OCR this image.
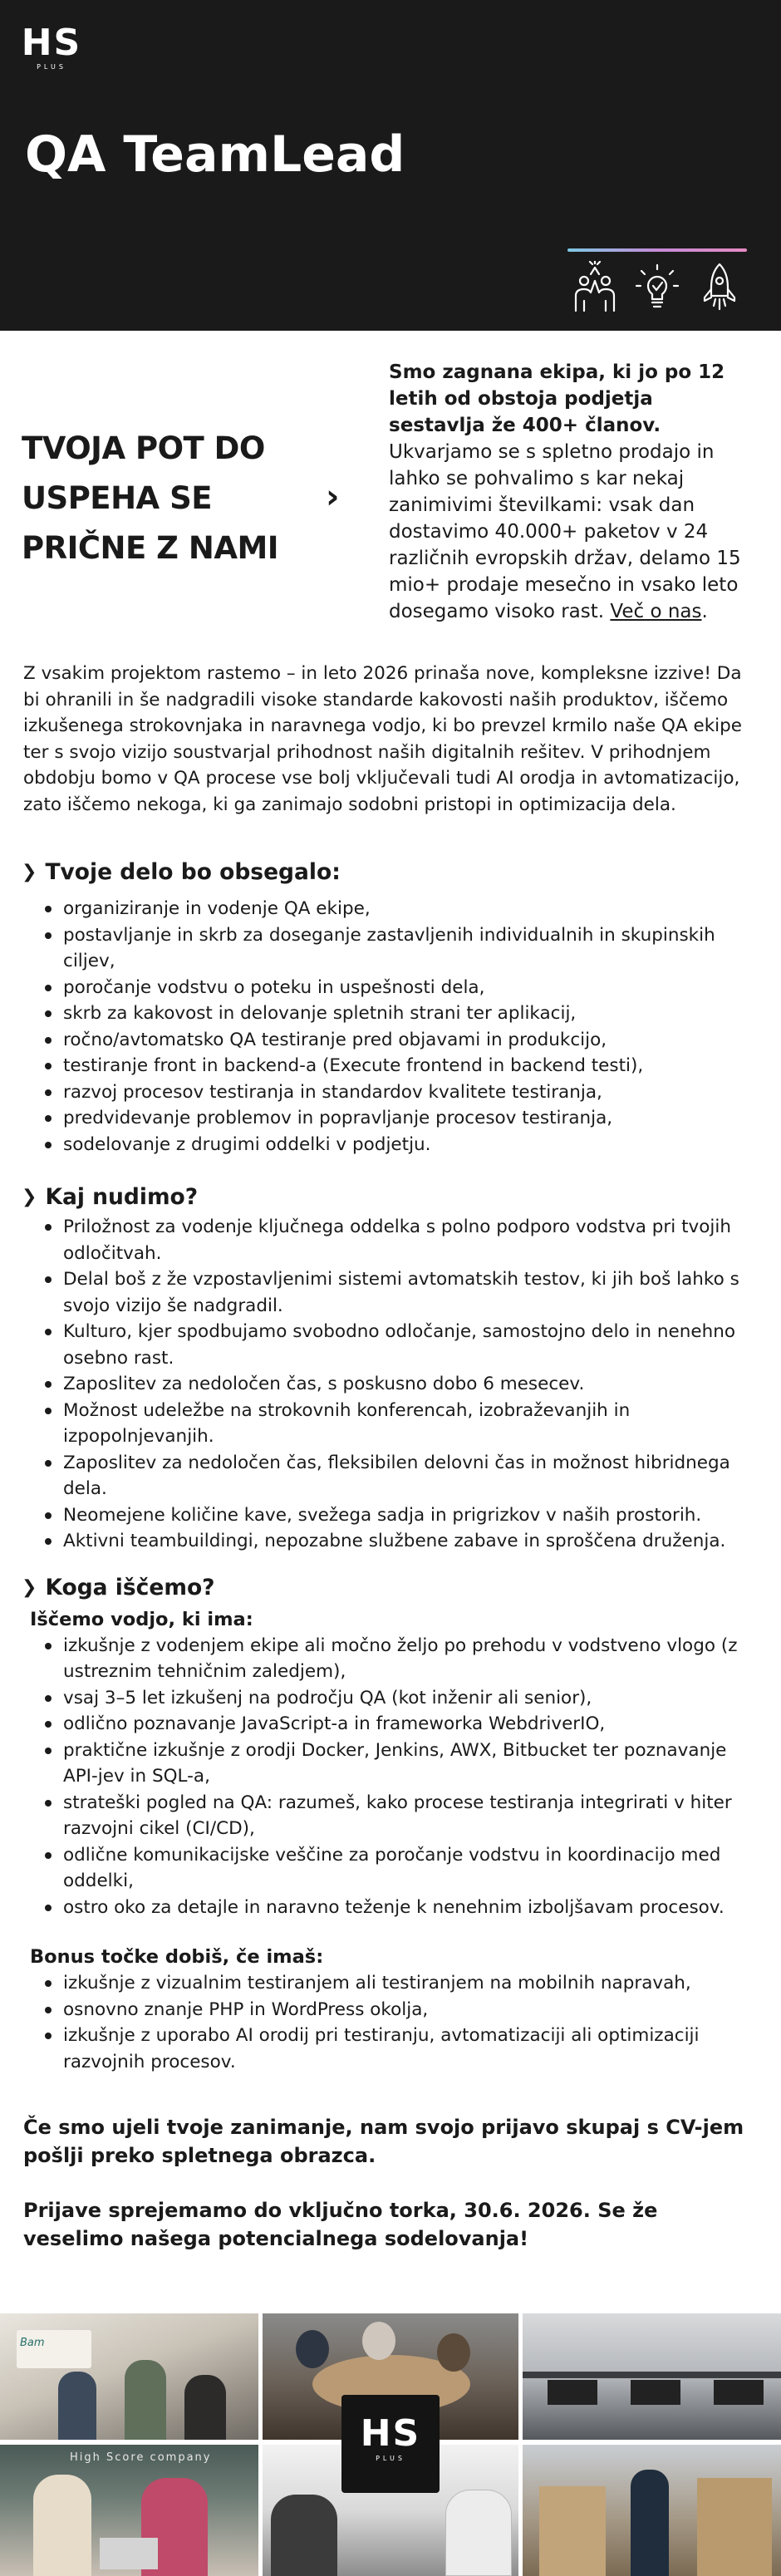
HS
PLUS
QA TeamLead
TVOJA POT DO USPEHA SE PRIČNE Z NAMI
›

Smo zagnana ekipa, ki jo po 12 letih od obstoja podjetja sestavlja že 400+ članov. Ukvarjamo se s spletno prodajo in lahko se pohvalimo s kar nekaj zanimivimi številkami: vsak dan dostavimo 40.000+ paketov v 24 različnih evropskih držav, delamo 15 mio+ prodaje mesečno in vsako leto dosegamo visoko rast. Več o nas.

Z vsakim projektom rastemo – in leto 2026 prinaša nove, kompleksne izzive! Da bi ohranili in še nadgradili visoke standarde kakovosti naših produktov, iščemo izkušenega strokovnjaka in naravnega vodjo, ki bo prevzel krmilo naše QA ekipe ter s svojo vizijo soustvarjal prihodnost naših digitalnih rešitev. V prihodnjem obdobju bomo v QA procese vse bolj vključevali tudi AI orodja in avtomatizacijo, zato iščemo nekoga, ki ga zanimajo sodobni pristopi in optimizacija dela.

❯ Tvoje delo bo obsegalo:
organiziranje in vodenje QA ekipe,
postavljanje in skrb za doseganje zastavljenih individualnih in skupinskih ciljev,
poročanje vodstvu o poteku in uspešnosti dela,
skrb za kakovost in delovanje spletnih strani ter aplikacij,
ročno/avtomatsko QA testiranje pred objavami in produkcijo,
testiranje front in backend-a (Execute frontend in backend testi),
razvoj procesov testiranja in standardov kvalitete testiranja,
predvidevanje problemov in popravljanje procesov testiranja,
sodelovanje z drugimi oddelki v podjetju.
❯ Kaj nudimo?
Priložnost za vodenje ključnega oddelka s polno podporo vodstva pri tvojih odločitvah.
Delal boš z že vzpostavljenimi sistemi avtomatskih testov, ki jih boš lahko s svojo vizijo še nadgradil.
Kulturo, kjer spodbujamo svobodno odločanje, samostojno delo in nenehno osebno rast.
Zaposlitev za nedoločen čas, s poskusno dobo 6 mesecev.
Možnost udeležbe na strokovnih konferencah, izobraževanjih in izpopolnjevanjih.
Zaposlitev za nedoločen čas, fleksibilen delovni čas in možnost hibridnega dela.
Neomejene količine kave, svežega sadja in prigrizkov v naših prostorih.
Aktivni teambuildingi, nepozabne službene zabave in sproščena druženja.
❯ Koga iščemo?
Iščemo vodjo, ki ima:
izkušnje z vodenjem ekipe ali močno željo po prehodu v vodstveno vlogo (z ustreznim tehničnim zaledjem),
vsaj 3–5 let izkušenj na področju QA (kot inženir ali senior),
odlično poznavanje JavaScript-a in frameworka WebdriverIO,
praktične izkušnje z orodji Docker, Jenkins, AWX, Bitbucket ter poznavanje API-jev in SQL-a,
strateški pogled na QA: razumeš, kako procese testiranja integrirati v hiter razvojni cikel (CI/CD),
odlične komunikacijske veščine za poročanje vodstvu in koordinacijo med oddelki,
ostro oko za detajle in naravno teženje k nenehnim izboljšavam procesov.
Bonus točke dobiš, če imaš:
izkušnje z vizualnim testiranjem ali testiranjem na mobilnih napravah,
osnovno znanje PHP in WordPress okolja,
izkušnje z uporabo AI orodij pri testiranju, avtomatizaciji ali optimizaciji razvojnih procesov.

Če smo ujeli tvoje zanimanje, nam svojo prijavo skupaj s CV-jem pošlji preko spletnega obrazca.

Prijave sprejemamo do vključno torka, 30.6. 2026. Se že veselimo našega potencialnega sodelovanja!

Bam
High Score company
HS
PLUS
